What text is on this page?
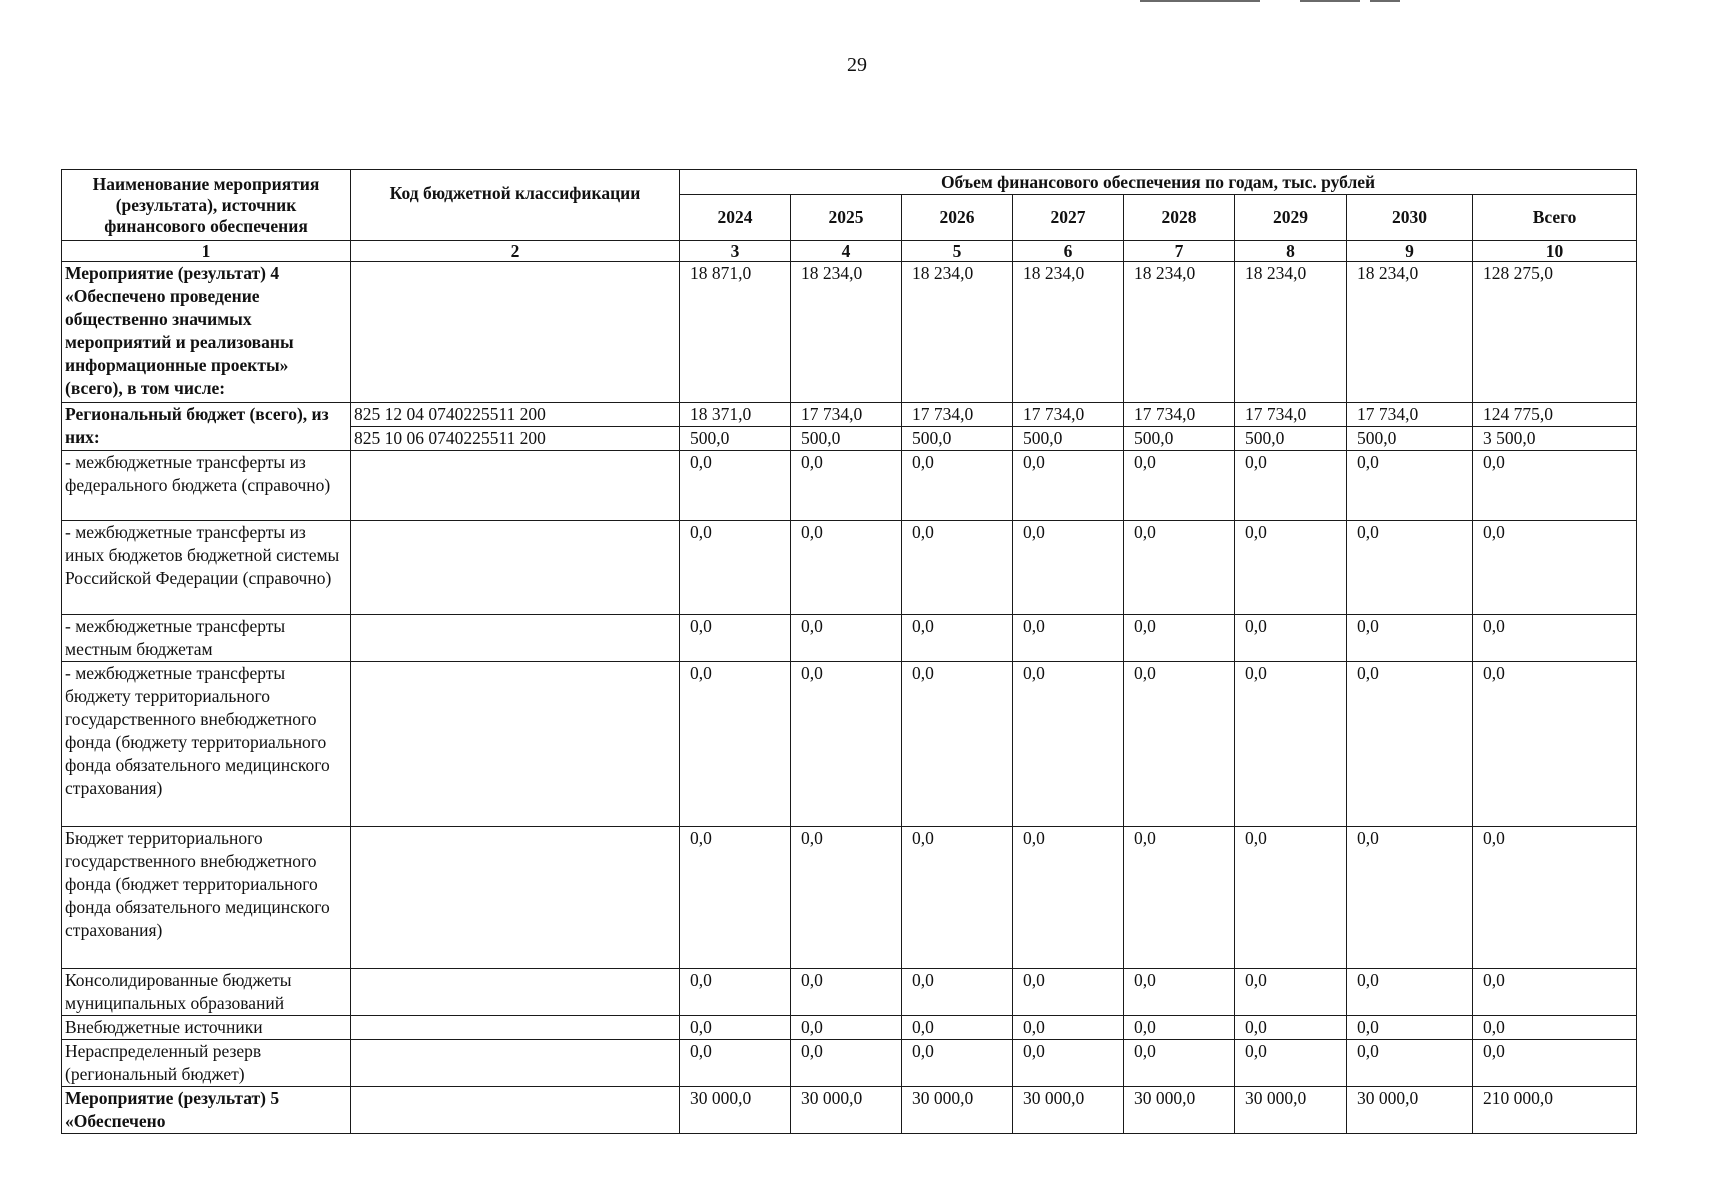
29
Наименование мероприятия (результата), источник финансового обеспечения	Код бюджетной классификации	Объем финансового обеспечения по годам, тыс. рублей							
		2024	2025	2026	2027	2028	2029	2030	Всего
1	2	3	4	5	6	7	8	9	10
Мероприятие (результат) 4 «Обеспечено проведение общественно значимых мероприятий и реализованы информационные проекты» (всего), в том числе:		18 871,0	18 234,0	18 234,0	18 234,0	18 234,0	18 234,0	18 234,0	128 275,0
Региональный бюджет (всего), из них:	825 12 04 0740225511 200	18 371,0	17 734,0	17 734,0	17 734,0	17 734,0	17 734,0	17 734,0	124 775,0
	825 10 06 0740225511 200	500,0	500,0	500,0	500,0	500,0	500,0	500,0	3 500,0
- межбюджетные трансферты из федерального бюджета (справочно)		0,0	0,0	0,0	0,0	0,0	0,0	0,0	0,0
- межбюджетные трансферты из иных бюджетов бюджетной системы Российской Федерации (справочно)		0,0	0,0	0,0	0,0	0,0	0,0	0,0	0,0
- межбюджетные трансферты местным бюджетам		0,0	0,0	0,0	0,0	0,0	0,0	0,0	0,0
- межбюджетные трансферты бюджету территориального государственного внебюджетного фонда (бюджету территориального фонда обязательного медицинского страхования)		0,0	0,0	0,0	0,0	0,0	0,0	0,0	0,0
Бюджет территориального государственного внебюджетного фонда (бюджет территориального фонда обязательного медицинского страхования)		0,0	0,0	0,0	0,0	0,0	0,0	0,0	0,0
Консолидированные бюджеты муниципальных образований		0,0	0,0	0,0	0,0	0,0	0,0	0,0	0,0
Внебюджетные источники		0,0	0,0	0,0	0,0	0,0	0,0	0,0	0,0
Нераспределенный резерв (региональный бюджет)		0,0	0,0	0,0	0,0	0,0	0,0	0,0	0,0
Мероприятие (результат) 5 «Обеспечено		30 000,0	30 000,0	30 000,0	30 000,0	30 000,0	30 000,0	30 000,0	210 000,0
